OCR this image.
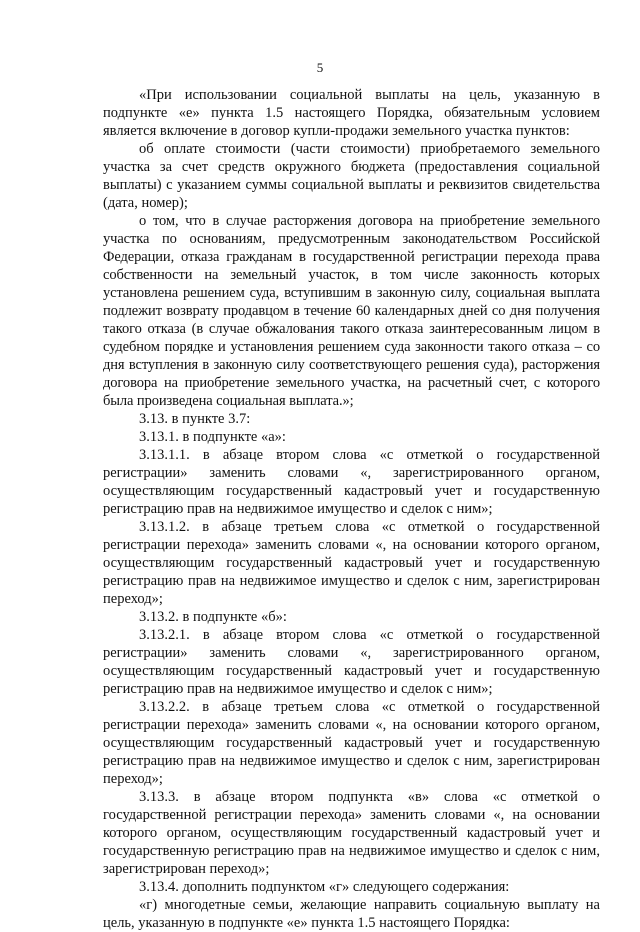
5

«При использовании социальной выплаты на цель, указанную в подпункте «е» пункта 1.5 настоящего Порядка, обязательным условием является включение в договор купли-продажи земельного участка пунктов:

об оплате стоимости (части стоимости) приобретаемого земельного участка за счет средств окружного бюджета (предоставления социальной выплаты) с указанием суммы социальной выплаты и реквизитов свидетельства (дата, номер);

о том, что в случае расторжения договора на приобретение земельного участка по основаниям, предусмотренным законодательством Российской Федерации, отказа гражданам в государственной регистрации перехода права собственности на земельный участок, в том числе законность которых установлена решением суда, вступившим в законную силу, социальная выплата подлежит возврату продавцом в течение 60 календарных дней со дня получения такого отказа (в случае обжалования такого отказа заинтересованным лицом в судебном порядке и установления решением суда законности такого отказа – со дня вступления в законную силу соответствующего решения суда), расторжения договора на приобретение земельного участка, на расчетный счет, с которого была произведена социальная выплата.»;

3.13. в пункте 3.7:

3.13.1. в подпункте «а»:

3.13.1.1. в абзаце втором слова «с отметкой о государственной регистрации» заменить словами «, зарегистрированного органом, осуществляющим государственный кадастровый учет и государственную регистрацию прав на недвижимое имущество и сделок с ним»;

3.13.1.2. в абзаце третьем слова «с отметкой о государственной регистрации перехода» заменить словами «, на основании которого органом, осуществляющим государственный кадастровый учет и государственную регистрацию прав на недвижимое имущество и сделок с ним, зарегистрирован переход»;

3.13.2. в подпункте «б»:

3.13.2.1. в абзаце втором слова «с отметкой о государственной регистрации» заменить словами «, зарегистрированного органом, осуществляющим государственный кадастровый учет и государственную регистрацию прав на недвижимое имущество и сделок с ним»;

3.13.2.2. в абзаце третьем слова «с отметкой о государственной регистрации перехода» заменить словами «, на основании которого органом, осуществляющим государственный кадастровый учет и государственную регистрацию прав на недвижимое имущество и сделок с ним, зарегистрирован переход»;

3.13.3. в абзаце втором подпункта «в» слова «с отметкой о государственной регистрации перехода» заменить словами «, на основании которого органом, осуществляющим государственный кадастровый учет и государственную регистрацию прав на недвижимое имущество и сделок с ним, зарегистрирован переход»;

3.13.4. дополнить подпунктом «г» следующего содержания:

«г) многодетные семьи, желающие направить социальную выплату на цель, указанную в подпункте «е» пункта 1.5 настоящего Порядка:
